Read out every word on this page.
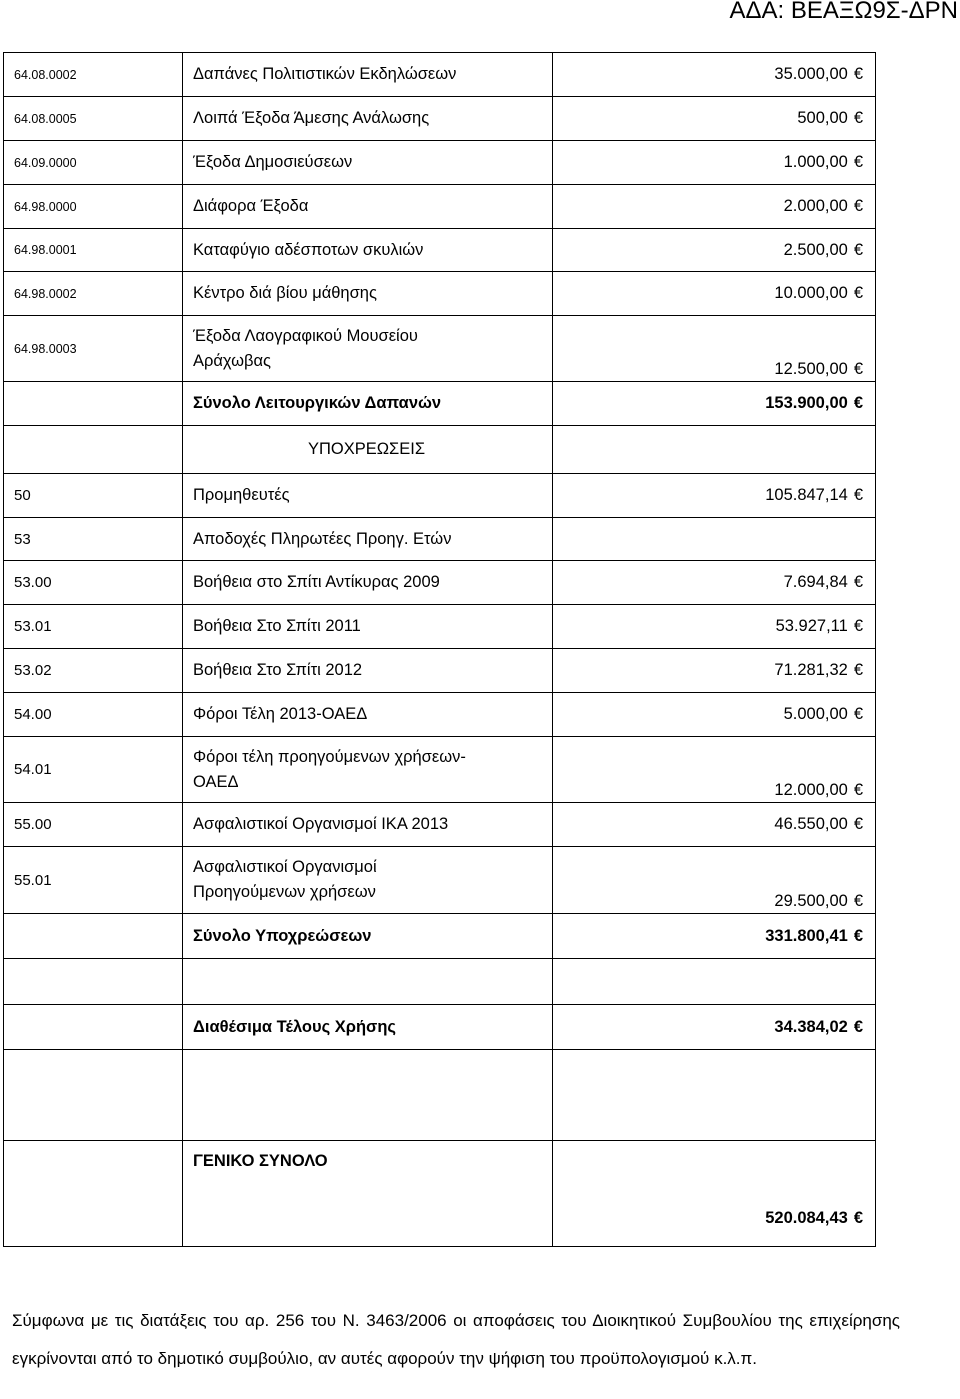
ΑΔΑ: ΒΕΑΞΩ9Σ-ΔΡΝ
64.08.0002	Δαπάνες Πολιτιστικών Εκδηλώσεων	35.000,00 €
64.08.0005	Λοιπά Έξοδα Άμεσης Ανάλωσης	500,00 €
64.09.0000	Έξοδα Δημοσιεύσεων	1.000,00 €
64.98.0000	Διάφορα Έξοδα	2.000,00 €
64.98.0001	Καταφύγιο αδέσποτων σκυλιών	2.500,00 €
64.98.0002	Κέντρο διά βίου μάθησης	10.000,00 €
64.98.0003	Έξοδα Λαογραφικού Μουσείου
Αράχωβας	12.500,00 €
	Σύνολο Λειτουργικών Δαπανών	153.900,00 €
	ΥΠΟΧΡΕΩΣΕΙΣ	
50	Προμηθευτές	105.847,14 €
53	Αποδοχές Πληρωτέες Προηγ. Ετών	
53.00	Βοήθεια στο Σπίτι Αντίκυρας 2009	7.694,84 €
53.01	Βοήθεια Στο Σπίτι 2011	53.927,11 €
53.02	Βοήθεια Στο Σπίτι 2012	71.281,32 €
54.00	Φόροι Τέλη 2013-ΟΑΕΔ	5.000,00 €
54.01	Φόροι τέλη προηγούμενων χρήσεων-
ΟΑΕΔ	12.000,00 €
55.00	Ασφαλιστικοί Οργανισμοί ΙΚΑ 2013	46.550,00 €
55.01	Ασφαλιστικοί Οργανισμοί
Προηγούμενων χρήσεων	29.500,00 €
	Σύνολο Υποχρεώσεων	331.800,41 €

	Διαθέσιμα Τέλους Χρήσης	34.384,02 €

	ΓΕΝΙΚΟ ΣΥΝΟΛΟ	520.084,43 €
Σύμφωνα με τις διατάξεις του αρ. 256 του Ν. 3463/2006 οι αποφάσεις του Διοικητικού Συμβουλίου της επιχείρησης εγκρίνονται από το δημοτικό συμβούλιο, αν αυτές αφορούν την ψήφιση του προϋπολογισμού κ.λ.π.
